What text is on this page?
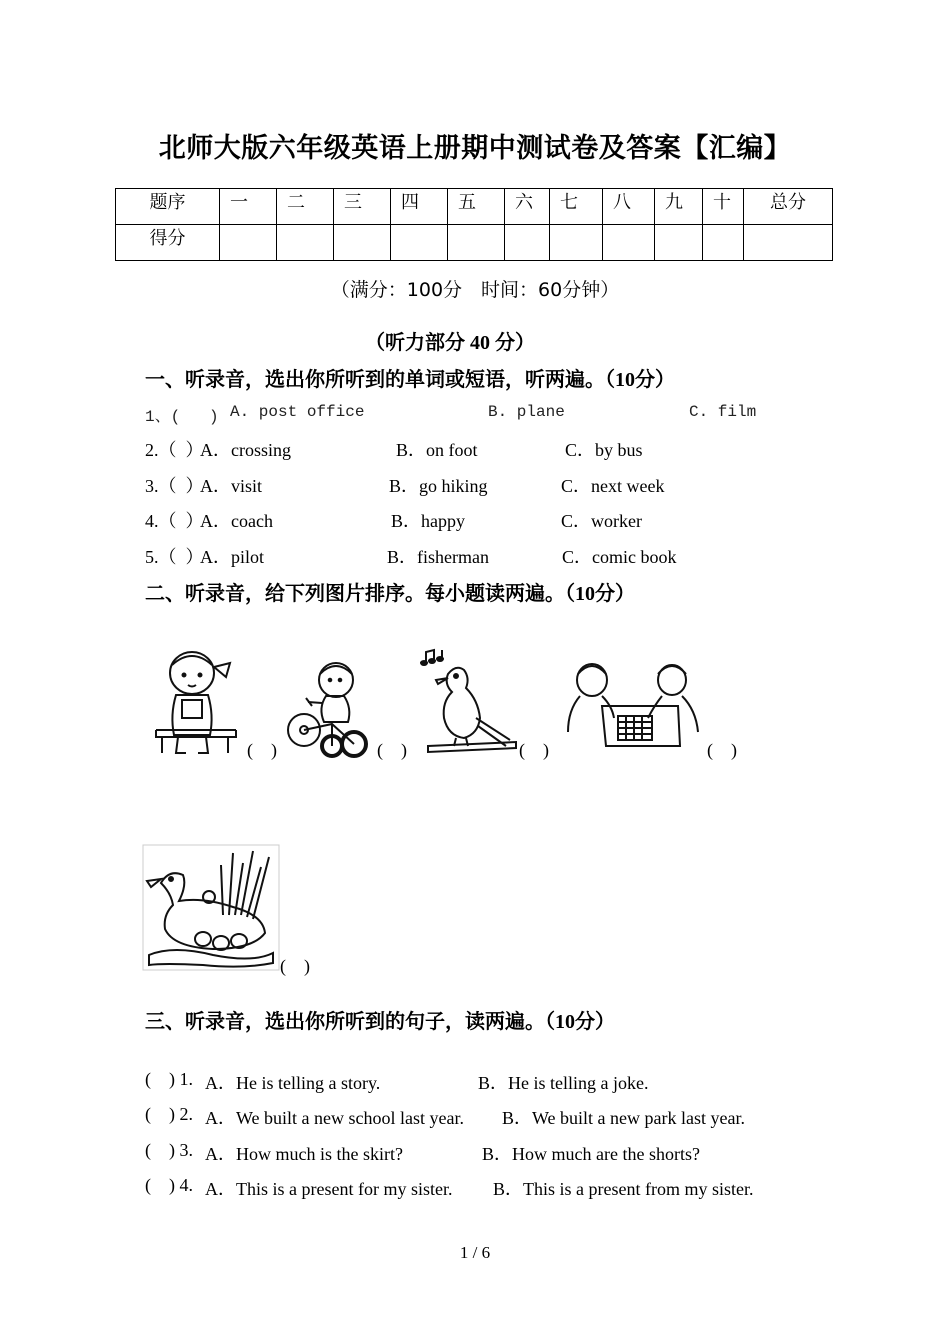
北师大版六年级英语上册期中测试卷及答案【汇编】
题序	一	二	三	四	五	六	七	八	九	十	总分
得分											
（满分：100分　时间：60分钟）
（听力部分 40 分）
一、听录音，选出你所听到的单词或短语，听两遍。（10分）
1、(   ) A. post office	B. plane	C. film
2.（  ）
A．crossing	B．on foot	C．by bus
3.（  ）
A．visit	B．go hiking	C．next week
4.（  ）
A．coach	B．happy	C．worker
5.（  ）
A．pilot	B．fisherman	C．comic book
二、听录音，给下列图片排序。每小题读两遍。（10分）
(    )	(    )	(    )	(    )
(    )
三、听录音，选出你所听到的句子，读两遍。（10分）
(    ) 1. A．He is telling a story.	B．He is telling a joke.
(    ) 2. A．We built a new school last year. B．We built a new park last year.
(    ) 3. A．How much is the skirt?	B．How much are the shorts?
(    ) 4. A．This is a present for my sister. B．This is a present from my sister.
1 / 6
